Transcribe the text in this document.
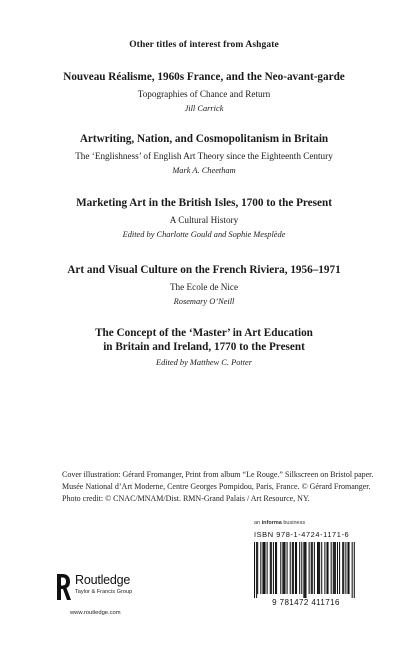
Other titles of interest from Ashgate
Nouveau Réalisme, 1960s France, and the Neo-avant-garde
Topographies of Chance and Return
Jill Carrick
Artwriting, Nation, and Cosmopolitanism in Britain
The ‘Englishness’ of English Art Theory since the Eighteenth Century
Mark A. Cheetham
Marketing Art in the British Isles, 1700 to the Present
A Cultural History
Edited by Charlotte Gould and Sophie Mesplède
Art and Visual Culture on the French Riviera, 1956–1971
The Ecole de Nice
Rosemary O’Neill
The Concept of the ‘Master’ in Art Education
in Britain and Ireland, 1770 to the Present
Edited by Matthew C. Potter
Cover illustration: Gérard Fromanger, Print from album “Le Rouge.” Silkscreen on Bristol paper.
Musée National d’Art Moderne, Centre Georges Pompidou, Paris, France. © Gérard Fromanger.
Photo credit: © CNAC/MNAM/Dist. RMN-Grand Palais / Art Resource, NY.
an informa business
ISBN 978-1-4724-1171-6
9 781472 411716
Routledge
Taylor & Francis Group
www.routledge.com
